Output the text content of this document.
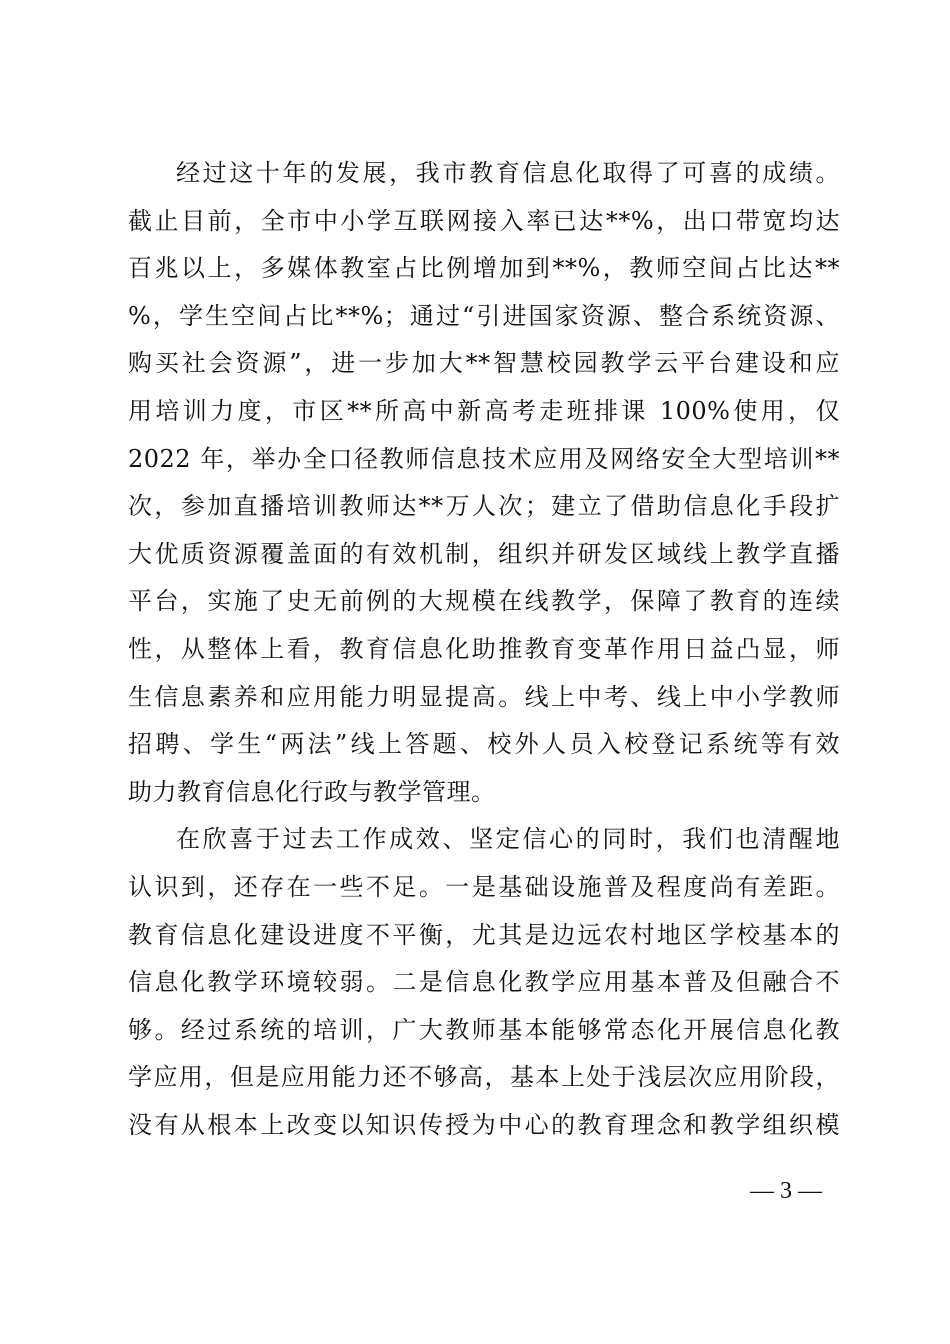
经过这十年的发展，我市教育信息化取得了可喜的成绩。
截止目前，全市中小学互联网接入率已达**%，出口带宽均达
百兆以上，多媒体教室占比例增加到**%，教师空间占比达**
%，学生空间占比**%；通过“引进国家资源、整合系统资源、
购买社会资源”，进一步加大**智慧校园教学云平台建设和应
用培训力度，市区**所高中新高考走班排课 100%使用，仅
2022 年，举办全口径教师信息技术应用及网络安全大型培训**
次，参加直播培训教师达**万人次；建立了借助信息化手段扩
大优质资源覆盖面的有效机制，组织并研发区域线上教学直播
平台，实施了史无前例的大规模在线教学，保障了教育的连续
性，从整体上看，教育信息化助推教育变革作用日益凸显，师
生信息素养和应用能力明显提高。线上中考、线上中小学教师
招聘、学生“两法”线上答题、校外人员入校登记系统等有效
助力教育信息化行政与教学管理。
在欣喜于过去工作成效、坚定信心的同时，我们也清醒地
认识到，还存在一些不足。一是基础设施普及程度尚有差距。
教育信息化建设进度不平衡，尤其是边远农村地区学校基本的
信息化教学环境较弱。二是信息化教学应用基本普及但融合不
够。经过系统的培训，广大教师基本能够常态化开展信息化教
学应用，但是应用能力还不够高，基本上处于浅层次应用阶段，
没有从根本上改变以知识传授为中心的教育理念和教学组织模
— 3 —
